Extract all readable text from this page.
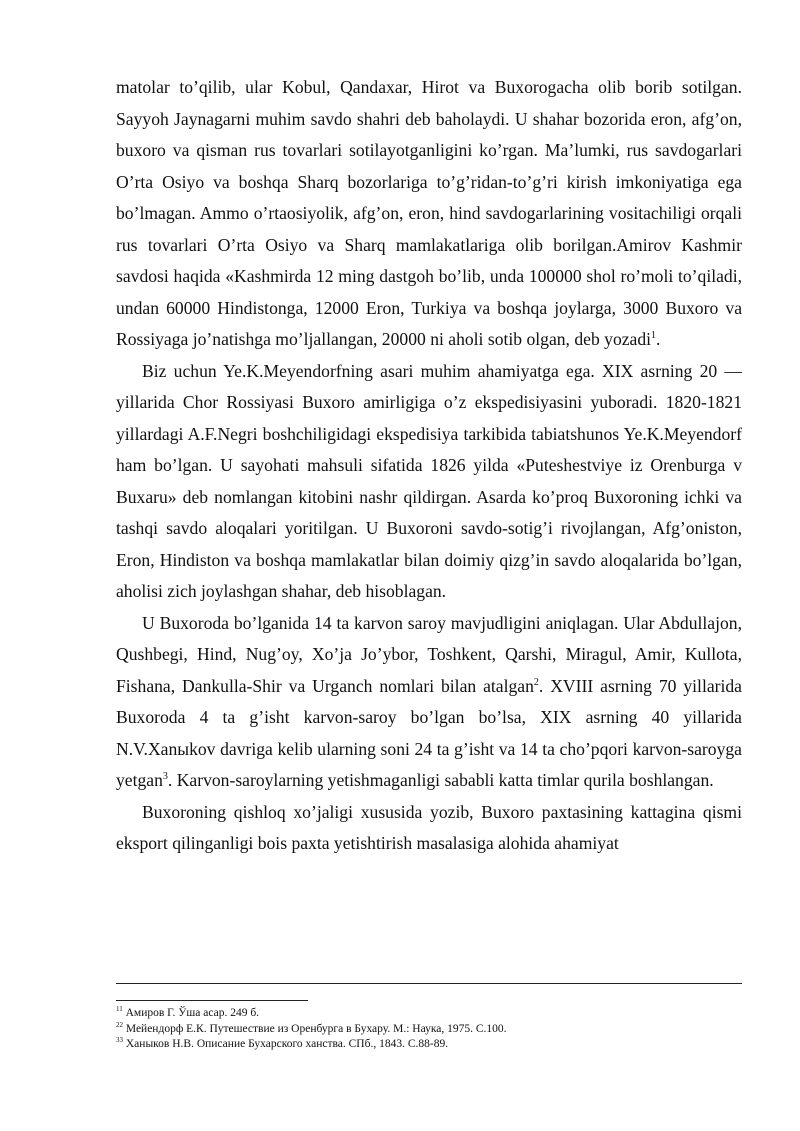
matolar to’qilib, ular Kobul, Qandaxar, Hirot va Buxorogacha olib borib sotilgan. Sayyoh Jaynagarni muhim savdo shahri deb baholaydi. U shahar bozorida eron, afg’on, buxoro va qisman rus tovarlari sotilayotganligini ko’rgan. Ma’lumki, rus savdogarlari O’rta Osiyo va boshqa Sharq bozorlariga to’g’ridan-to’g’ri kirish imkoniyatiga ega bo’lmagan. Ammo o’rtaosiyolik, afg’on, eron, hind savdogarlarining vositachiligi orqali rus tovarlari O’rta Osiyo va Sharq mamlakatlariga olib borilgan.Amirov Kashmir savdosi haqida «Kashmirda 12 ming dastgoh bo’lib, unda 100000 shol ro’moli to’qiladi, undan 60000 Hindistonga, 12000 Eron, Turkiya va boshqa joylarga, 3000 Buxoro va Rossiyaga jo’natishga mo’ljallangan, 20000 ni aholi sotib olgan, deb yozadi$^1$.

Biz uchun Ye.K.Meyendorfning asari muhim ahamiyatga ega. XIX asrning 20 —yillarida Chor Rossiyasi Buxoro amirligiga o’z ekspedisiyasini yuboradi. 1820-1821 yillardagi A.F.Negri boshchiligidagi ekspedisiya tarkibida tabiatshunos Ye.K.Meyendorf ham bo’lgan. U sayohati mahsuli sifatida 1826 yilda «Puteshestviye iz Orenburga v Buxaru» deb nomlangan kitobini nashr qildirgan. Asarda ko’proq Buxoroning ichki va tashqi savdo aloqalari yoritilgan. U Buxoroni savdo-sotig’i rivojlangan, Afg’oniston, Eron, Hindiston va boshqa mamlakatlar bilan doimiy qizg’in savdo aloqalarida bo’lgan, aholisi zich joylashgan shahar, deb hisoblagan.

U Buxoroda bo’lganida 14 ta karvon saroy mavjudligini aniqlagan. Ular Abdullajon, Qushbegi, Hind, Nug’oy, Xo’ja Jo’ybor, Toshkent, Qarshi, Miragul, Amir, Kullota, Fishana, Dankulla-Shir va Urganch nomlari bilan atalgan$^2$. XVIII asrning 70 yillarida Buxoroda 4 ta g’isht karvon-saroy bo’lgan bo’lsa, XIX asrning 40 yillarida N.V.Хаnыkov davriga kelib ularning soni 24 ta g’isht va 14 ta cho’pqori karvon-saroyga yetgan$^3$. Karvon-saroylarning yetishmaganligi sababli katta timlar qurila boshlangan.

Buxoroning qishloq xo’jaligi xususida yozib, Buxoro paxtasining kattagina qismi eksport qilinganligi bois paxta yetishtirish masalasiga alohida ahamiyat

$^{11}$ Амиров Г. Ўша асар. 249 б.

$^{22}$ Мейендорф Е.К. Путешествие из Оренбурга в Бухару. М.: Наука, 1975. С.100.

$^{33}$ Ханыков Н.В. Описание Бухарского ханства. СПб., 1843. С.88-89.
